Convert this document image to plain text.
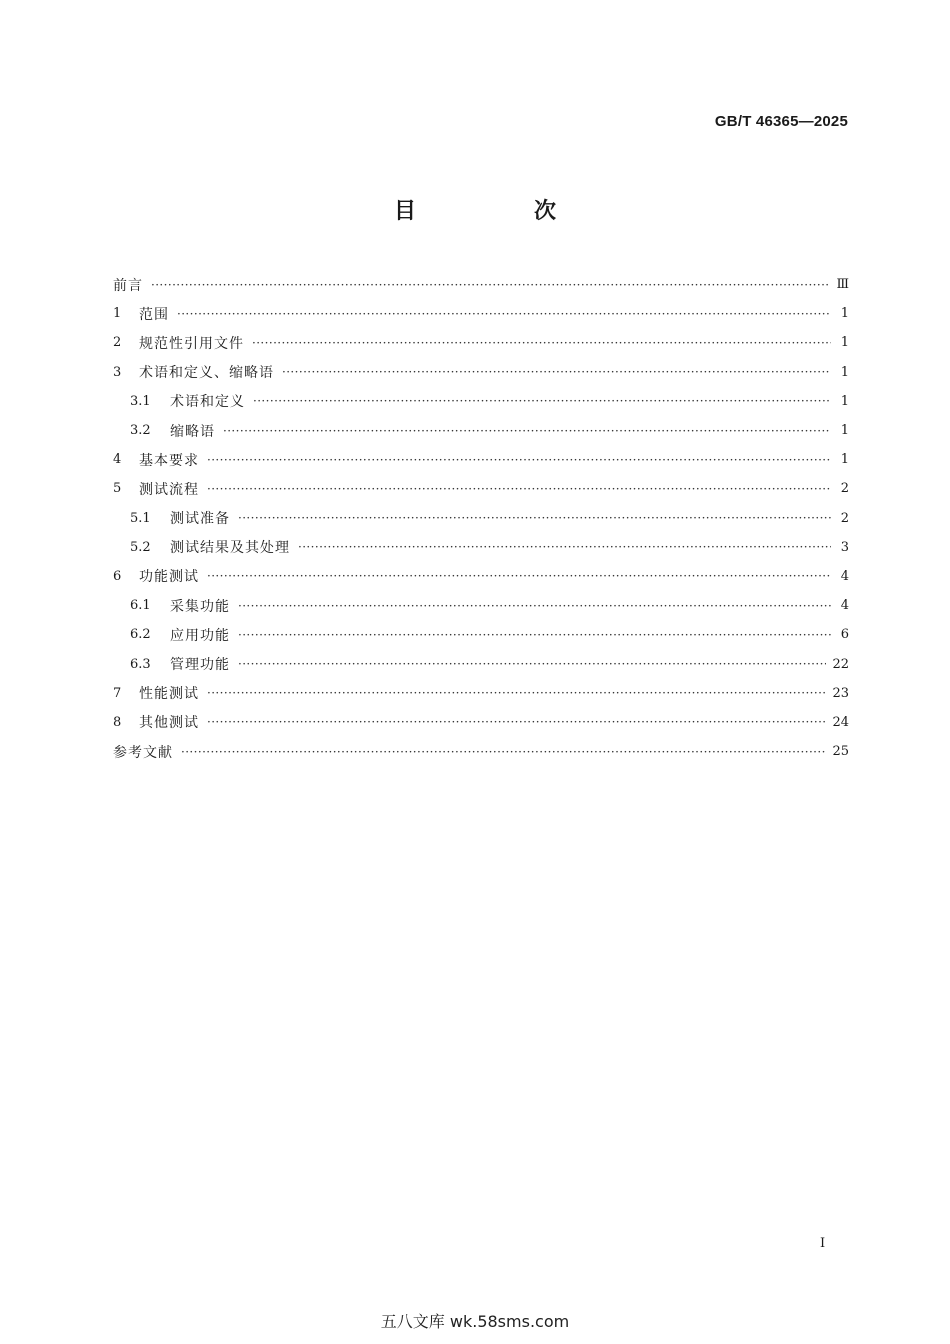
GB/T 46365—2025
目　次
前言 ·····	Ⅲ
1	范围 ·····	1
2	规范性引用文件 ·····	1
3	术语和定义、缩略语 ·····	1
3.1	术语和定义 ·····	1
3.2	缩略语 ·····	1
4	基本要求 ·····	1
5	测试流程 ·····	2
5.1	测试准备 ·····	2
5.2	测试结果及其处理 ·····	3
6	功能测试 ·····	4
6.1	采集功能 ·····	4
6.2	应用功能 ·····	6
6.3	管理功能 ·····	22
7	性能测试 ·····	23
8	其他测试 ·····	24
参考文献 ·····	25
I
五八文库 wk.58sms.com
